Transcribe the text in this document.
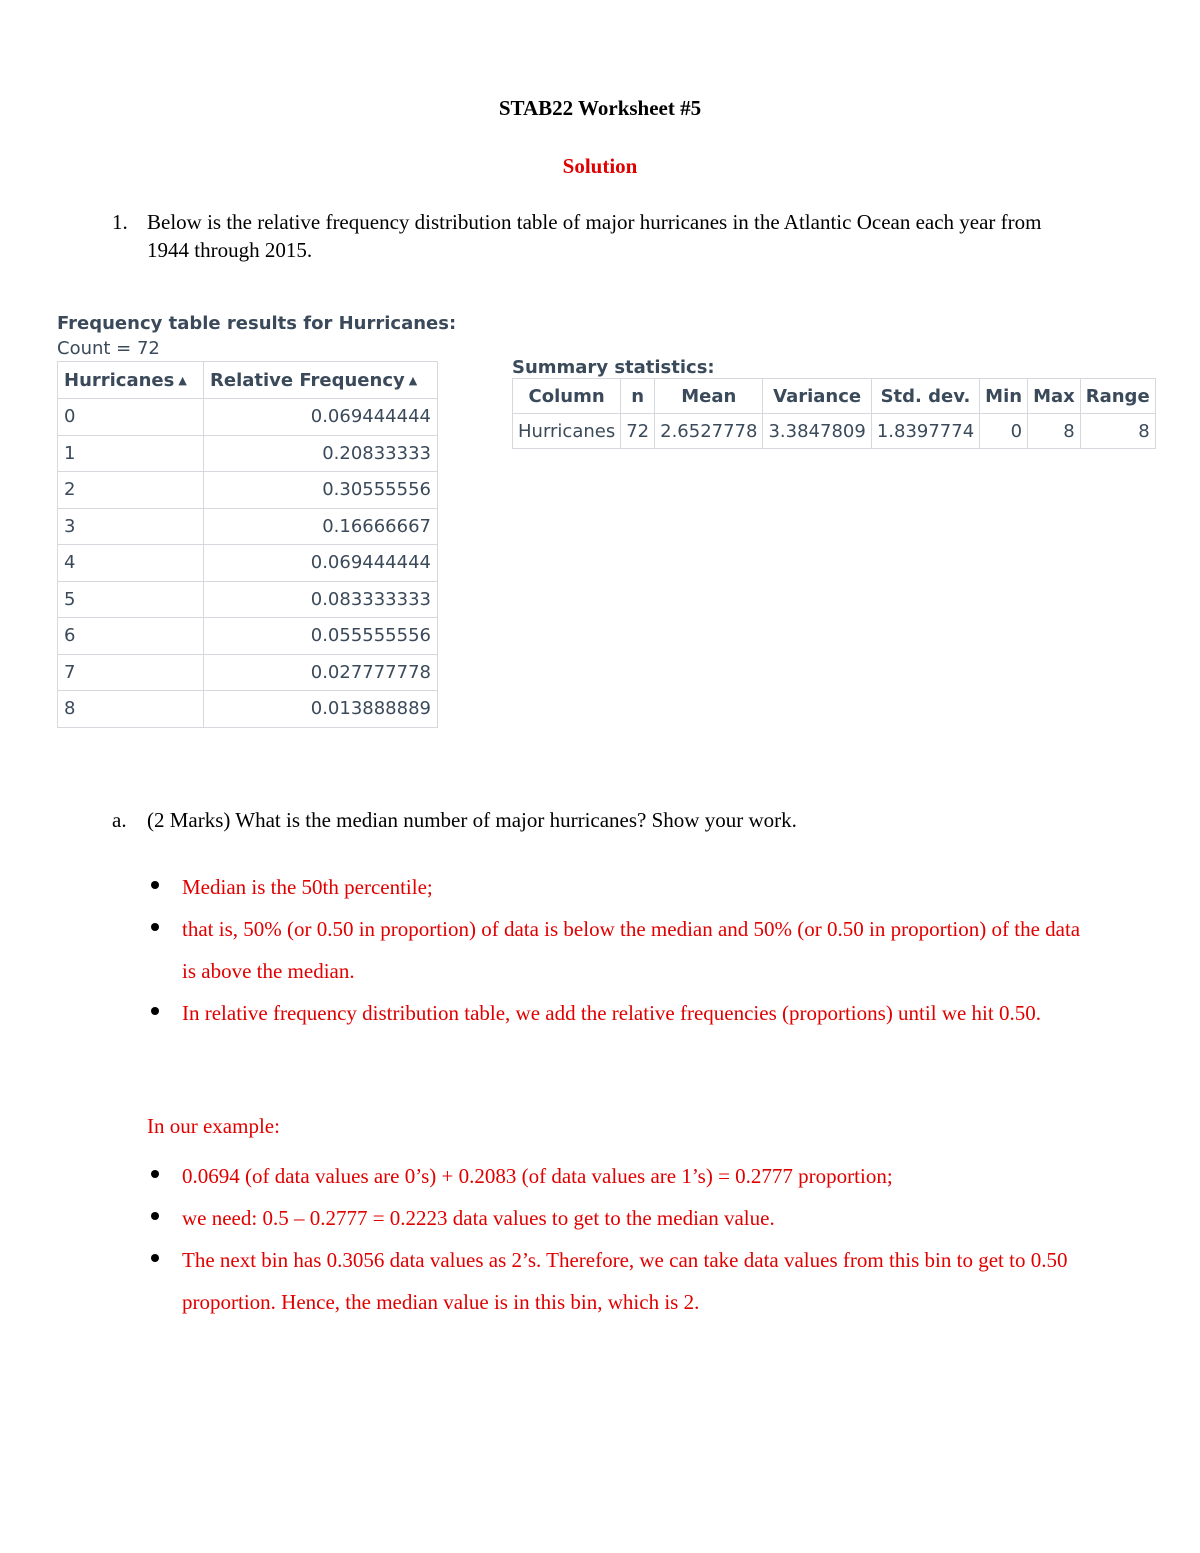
STAB22 Worksheet #5
Solution
1. Below is the relative frequency distribution table of major hurricanes in the Atlantic Ocean each year from 1944 through 2015.
Frequency table results for Hurricanes:
Count = 72
Hurricanes ▲︎	Relative Frequency ▲︎
0	0.069444444
1	0.20833333
2	0.30555556
3	0.16666667
4	0.069444444
5	0.083333333
6	0.055555556
7	0.027777778
8	0.013888889
Summary statistics:
Column	n	Mean	Variance	Std. dev.	Min	Max	Range
Hurricanes	72	2.6527778	3.3847809	1.8397774	0	8	8
a. (2 Marks) What is the median number of major hurricanes? Show your work.
Median is the 50th percentile;
that is, 50% (or 0.50 in proportion) of data is below the median and 50% (or 0.50 in proportion) of the data is above the median.
In relative frequency distribution table, we add the relative frequencies (proportions) until we hit 0.50.
In our example:
0.0694 (of data values are 0’s) + 0.2083 (of data values are 1’s) = 0.2777 proportion;
we need: 0.5 – 0.2777 = 0.2223 data values to get to the median value.
The next bin has 0.3056 data values as 2’s. Therefore, we can take data values from this bin to get to 0.50 proportion. Hence, the median value is in this bin, which is 2.
